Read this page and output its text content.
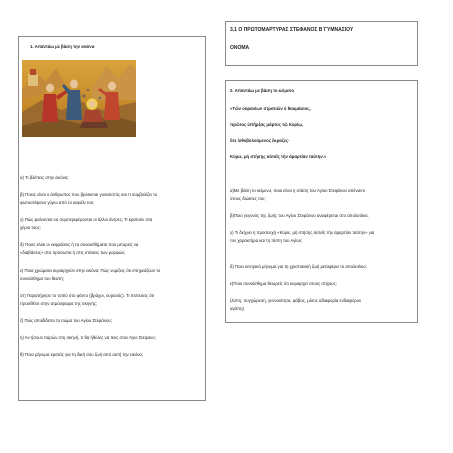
1. Απαντάω με βάση την εικόνα
α) Τι βλέπεις στην εικόνα;
β) Ποιος είναι ο άνθρωπος που βρίσκεται γονατιστός και τι συμβολίζει το
φωτοστέφανο γύρω από το κεφάλι του;
γ) Πώς φαίνονται να συμπεριφέρονται οι άλλοι άντρες; Τι κρατούν στα
χέρια τους;
δ) Ποιες είναι οι εκφράσεις ή τα συναισθήματα που μπορείς να
«διαβάσεις» στα πρόσωπα ή στις στάσεις των μορφών;
ε) Ποια χρώματα κυριαρχούν στην εικόνα; Πώς νομίζεις ότι επηρεάζουν το
συναίσθημα του θεατή;
στ) Παρατήρησε το τοπίο στο φόντο (βράχοι, ουρανός). Τι πιστεύεις ότι
προσθέτει στην ατμόσφαιρα της σκηνής;
ζ) Πώς αποδίδεται το σώμα του Αγίου Στεφάνου;
η) Αν ήσουν παρών στη σκηνή, τι θα ήθελες να πεις στον Άγιο Στέφανο;
θ) Ποιο μήνυμα κρατάς για τη δική σου ζωή από αυτή την εικόνα;
3.1 Ο ΠΡΩΤΟΜΑΡΤΥΡΑΣ ΣΤΕΦΑΝΟΣ Β΄ΓΥΜΝΑΣΙΟΥ
ΟΝΟΜΑ
2. Απαντάω με βάση το κείμενο
«Τῶν οὐρανίων στρατιῶν ὁ θαυμάσιος,
πρῶτος ὑπῆρξας μάρτυς τῷ Κυρίῳ,
ὅτε λιθοβολούμενος ἔκραζες·
Κύριε, μὴ στήσῃς αὐτοῖς τὴν ἁμαρτίαν ταύτην.»
α)Με βάση το κείμενο, ποια είναι η στάση του Αγίου Στεφάνου απέναντι
στους διώκτες του;
β)Ποιο γεγονός της ζωής του Αγίου Στεφάνου αναφέρεται στο απολυτίκιο;
γ) Τι δείχνει η προσευχή «Κύριε, μὴ στήσῃς αὐτοῖς τὴν ἁμαρτίαν ταύτην» για
τον χαρακτήρα και τη πίστη του Αγίου;
δ) Ποιο κεντρικό μήνυμα για τη χριστιανική ζωή μεταφέρει το απολυτίκιο;
ε)Ποιο συναίσθημα θεωρείς ότι κυριαρχεί στους στίχους;
(λύπη, συγχώρεση, γενναιότητα, φόβος, μίσος αδιαφορία ενδιαφέρον
αγάπη)
